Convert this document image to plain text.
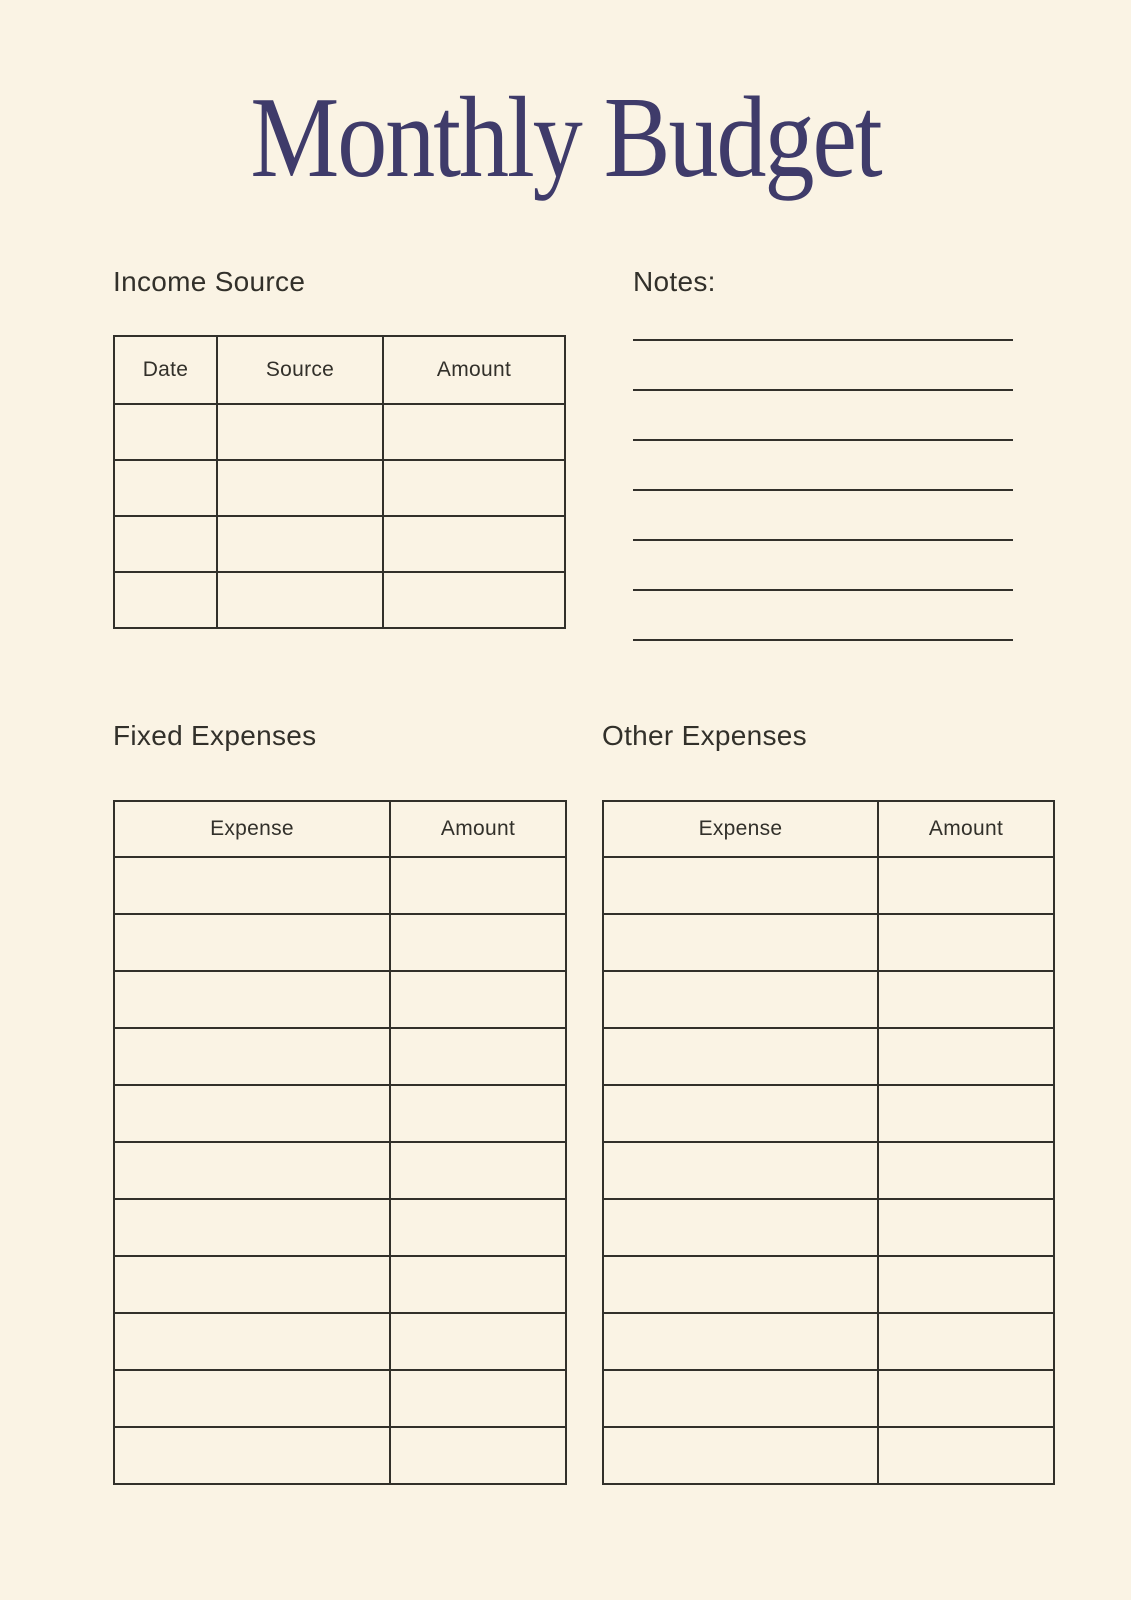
Monthly Budget
Income Source	Notes:
Date	Source	Amount

Fixed Expenses	Other Expenses
Expense	Amount

		Expense	Amount
